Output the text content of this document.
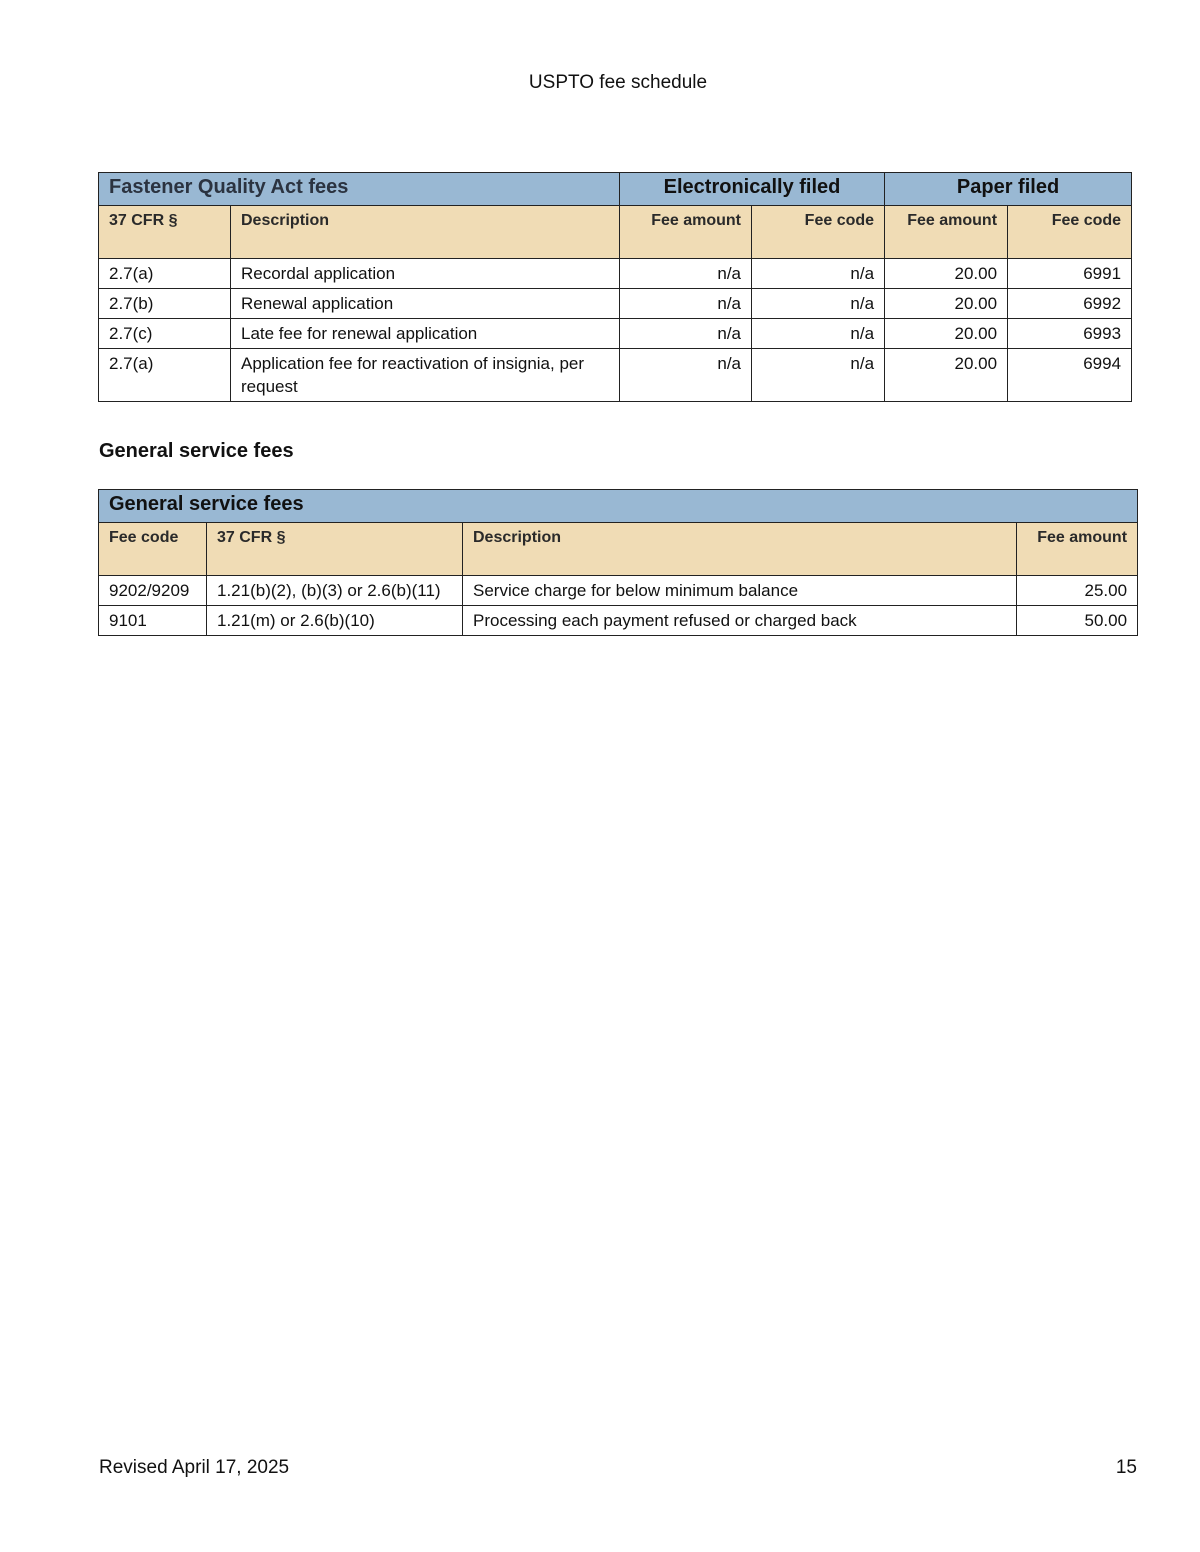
USPTO fee schedule
Fastener Quality Act fees		Electronically filed		Paper filed	
37 CFR §	Description	Fee amount	Fee code	Fee amount	Fee code
2.7(a)	Recordal application	n/a	n/a	20.00	6991
2.7(b)	Renewal application	n/a	n/a	20.00	6992
2.7(c)	Late fee for renewal application	n/a	n/a	20.00	6993
2.7(a)	Application fee for reactivation of insignia, per request	n/a	n/a	20.00	6994
General service fees
General service fees			
Fee code	37 CFR §	Description	Fee amount
9202/9209	1.21(b)(2), (b)(3) or 2.6(b)(11)	Service charge for below minimum balance	25.00
9101	1.21(m) or 2.6(b)(10)	Processing each payment refused or charged back	50.00
Revised April 17, 2025	15
